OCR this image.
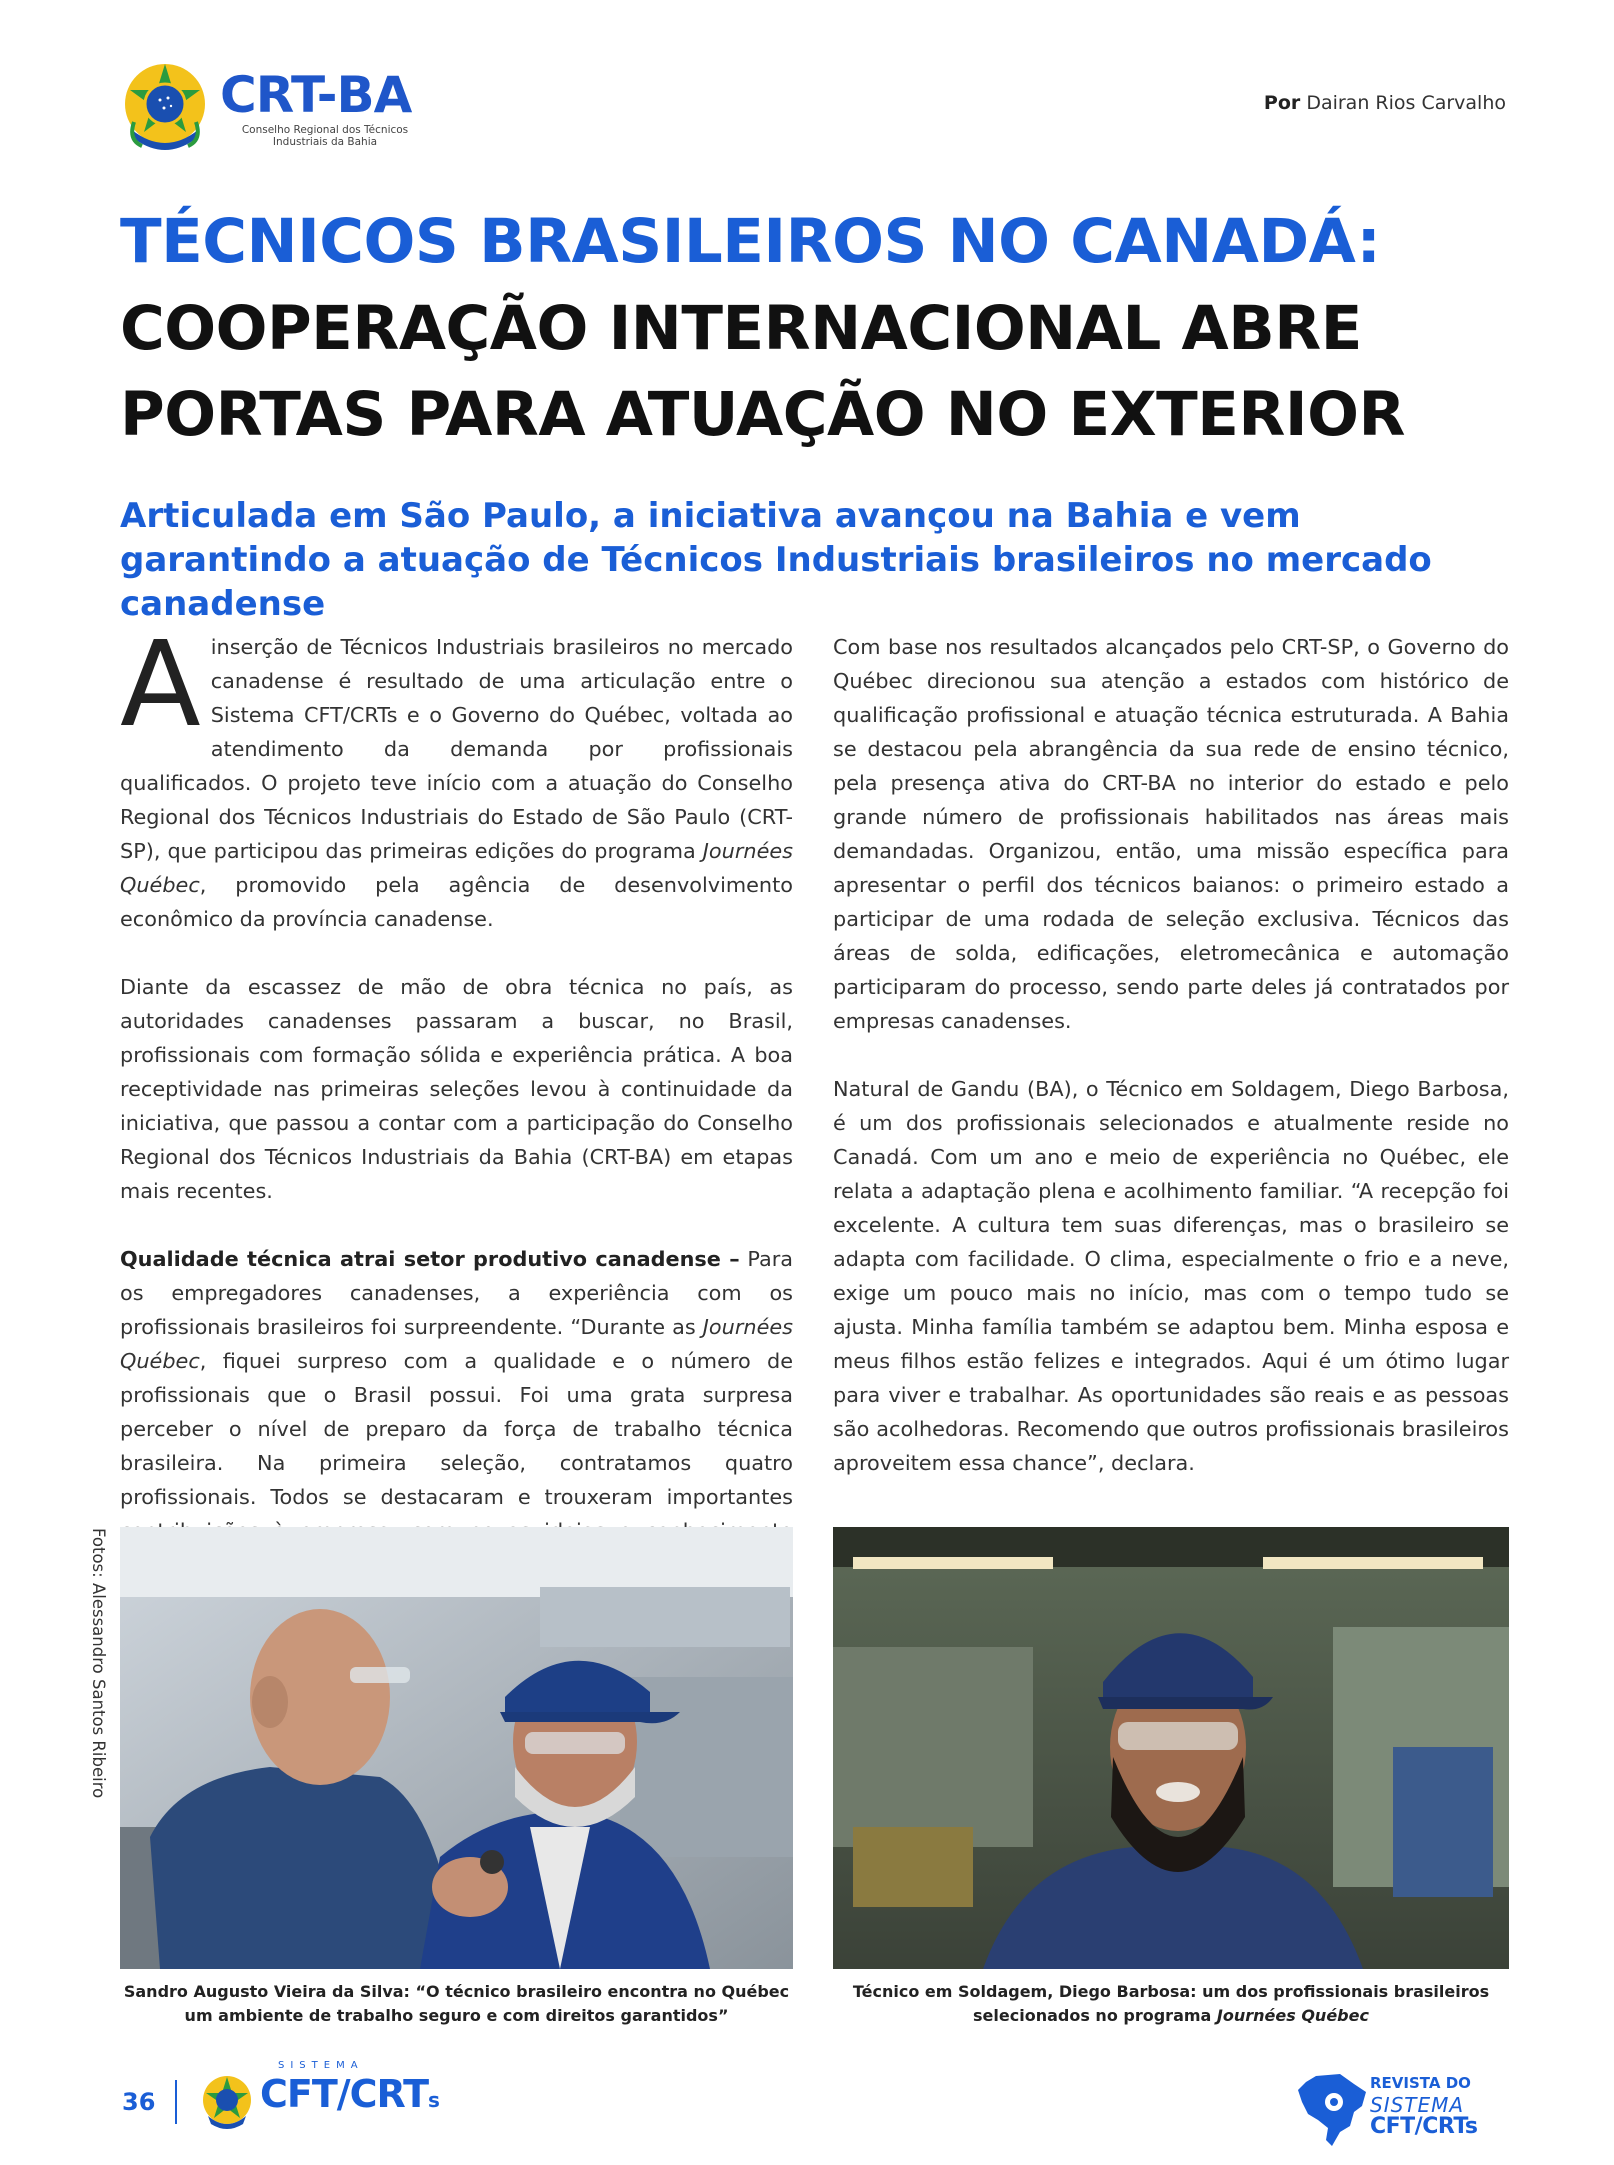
CRT-BA
Conselho Regional dos Técnicos Industriais da Bahia
Por Dairan Rios Carvalho
TÉCNICOS BRASILEIROS NO CANADÁ:
COOPERAÇÃO INTERNACIONAL ABRE PORTAS PARA ATUAÇÃO NO EXTERIOR
Articulada em São Paulo, a iniciativa avançou na Bahia e vem garantindo a atuação de Técnicos Industriais brasileiros no mercado canadense

A inserção de Técnicos Industriais brasileiros no mercado canadense é resultado de uma articulação entre o Sistema CFT/CRTs e o Governo do Québec, voltada ao atendimento da demanda por profissionais qualificados. O projeto teve início com a atuação do Conselho Regional dos Técnicos Industriais do Estado de São Paulo (CRT-SP), que participou das primeiras edições do programa Journées Québec, promovido pela agência de desenvolvimento econômico da província canadense.

Diante da escassez de mão de obra técnica no país, as autoridades canadenses passaram a buscar, no Brasil, profissionais com formação sólida e experiência prática. A boa receptividade nas primeiras seleções levou à continuidade da iniciativa, que passou a contar com a participação do Conselho Regional dos Técnicos Industriais da Bahia (CRT-BA) em etapas mais recentes.

Qualidade técnica atrai setor produtivo canadense – Para os empregadores canadenses, a experiência com os profissionais brasileiros foi surpreendente. “Durante as Journées Québec, fiquei surpreso com a qualidade e o número de profissionais que o Brasil possui. Foi uma grata surpresa perceber o nível de preparo da força de trabalho técnica brasileira. Na primeira seleção, contratamos quatro profissionais. Todos se destacaram e trouxeram importantes

Com base nos resultados alcançados pelo CRT-SP, o Governo do Québec direcionou sua atenção a estados com histórico de qualificação profissional e atuação técnica estruturada. A Bahia se destacou pela abrangência da sua rede de ensino técnico, pela presença ativa do CRT-BA no interior do estado e pelo grande número de profissionais habilitados nas áreas mais demandadas. Organizou, então, uma missão específica para apresentar o perfil dos técnicos baianos: o primeiro estado a participar de uma rodada de seleção exclusiva. Técnicos das áreas de solda, edificações, eletromecânica e automação participaram do processo, sendo parte deles já contratados por empresas canadenses.

Natural de Gandu (BA), o Técnico em Soldagem, Diego Barbosa, é um dos profissionais selecionados e atualmente reside no Canadá. Com um ano e meio de experiência no Québec, ele relata a adaptação plena e acolhimento familiar. “A recepção foi excelente. A cultura tem suas diferenças, mas o brasileiro se adapta com facilidade. O clima, especialmente o frio e a neve, exige um pouco mais no início, mas com o tempo tudo se ajusta. Minha família também se adaptou bem. Minha esposa e meus filhos estão felizes e integrados. Aqui é um ótimo lugar para viver e trabalhar. As oportunidades são reais e as pessoas são acolhedoras. Recomendo que outros profissionais brasileiros aproveitem essa chance”, declara.

Fotos: Alessandro Santos Ribeiro
Sandro Augusto Vieira da Silva: “O técnico brasileiro encontra no Québec um ambiente de trabalho seguro e com direitos garantidos”
Técnico em Soldagem, Diego Barbosa: um dos profissionais brasileiros selecionados no programa Journées Québec
36
SISTEMA
CFT/CRTs
REVISTA DO
SISTEMA
CFT/CRTs
